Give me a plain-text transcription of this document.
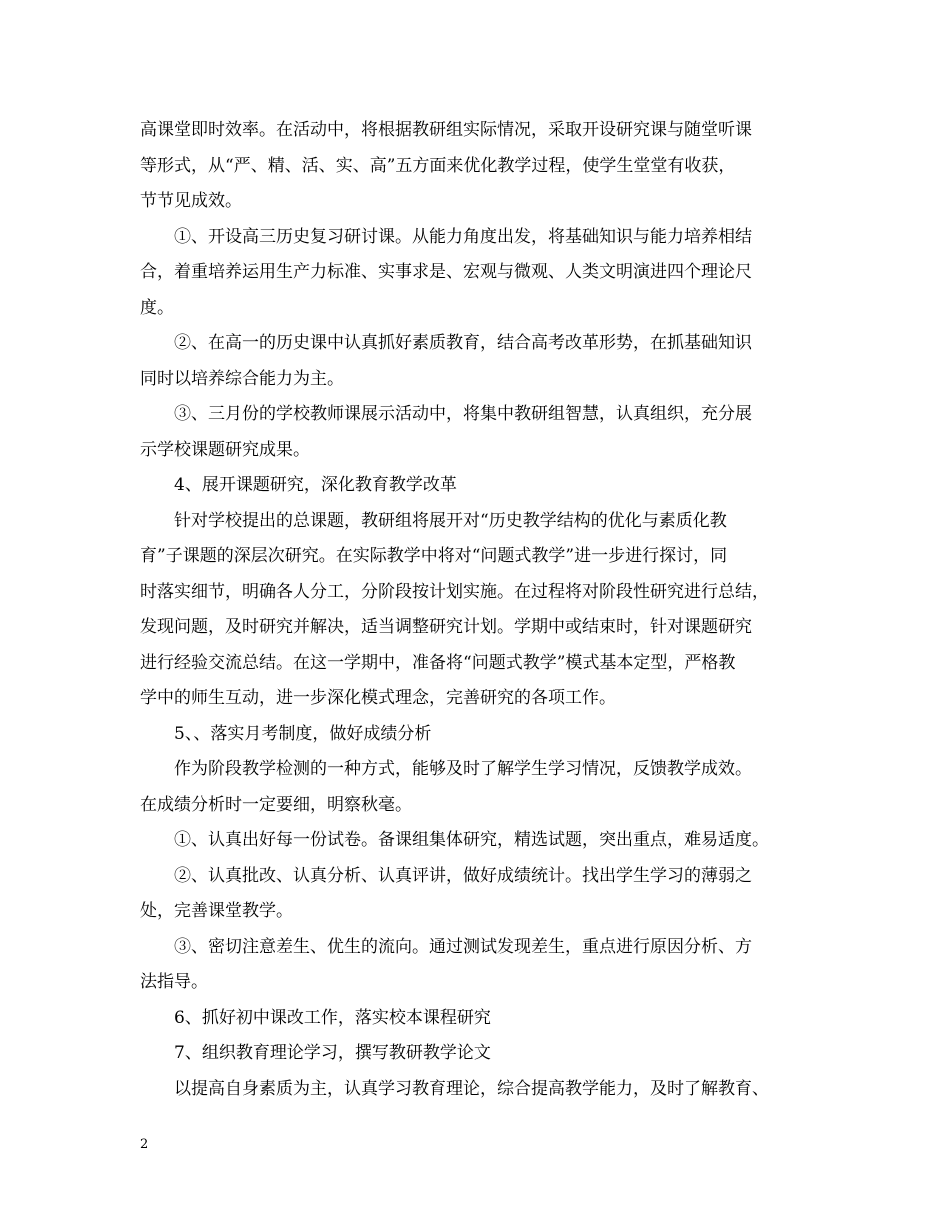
高课堂即时效率。在活动中，将根据教研组实际情况，采取开设研究课与随堂听课
等形式，从“严、精、活、实、高”五方面来优化教学过程，使学生堂堂有收获，
节节见成效。
①、开设高三历史复习研讨课。从能力角度出发，将基础知识与能力培养相结
合，着重培养运用生产力标准、实事求是、宏观与微观、人类文明演进四个理论尺
度。
②、在高一的历史课中认真抓好素质教育，结合高考改革形势，在抓基础知识
同时以培养综合能力为主。
③、三月份的学校教师课展示活动中，将集中教研组智慧，认真组织，充分展
示学校课题研究成果。
4、展开课题研究，深化教育教学改革
针对学校提出的总课题，教研组将展开对“历史教学结构的优化与素质化教
育”子课题的深层次研究。在实际教学中将对“问题式教学”进一步进行探讨，同
时落实细节，明确各人分工，分阶段按计划实施。在过程将对阶段性研究进行总结，
发现问题，及时研究并解决，适当调整研究计划。学期中或结束时，针对课题研究
进行经验交流总结。在这一学期中，准备将“问题式教学”模式基本定型，严格教
学中的师生互动，进一步深化模式理念，完善研究的各项工作。
5、、落实月考制度，做好成绩分析
作为阶段教学检测的一种方式，能够及时了解学生学习情况，反馈教学成效。
在成绩分析时一定要细，明察秋毫。
①、认真出好每一份试卷。备课组集体研究，精选试题，突出重点，难易适度。
②、认真批改、认真分析、认真评讲，做好成绩统计。找出学生学习的薄弱之
处，完善课堂教学。
③、密切注意差生、优生的流向。通过测试发现差生，重点进行原因分析、方
法指导。
6、抓好初中课改工作，落实校本课程研究
7、组织教育理论学习，撰写教研教学论文
以提高自身素质为主，认真学习教育理论，综合提高教学能力，及时了解教育、
2
